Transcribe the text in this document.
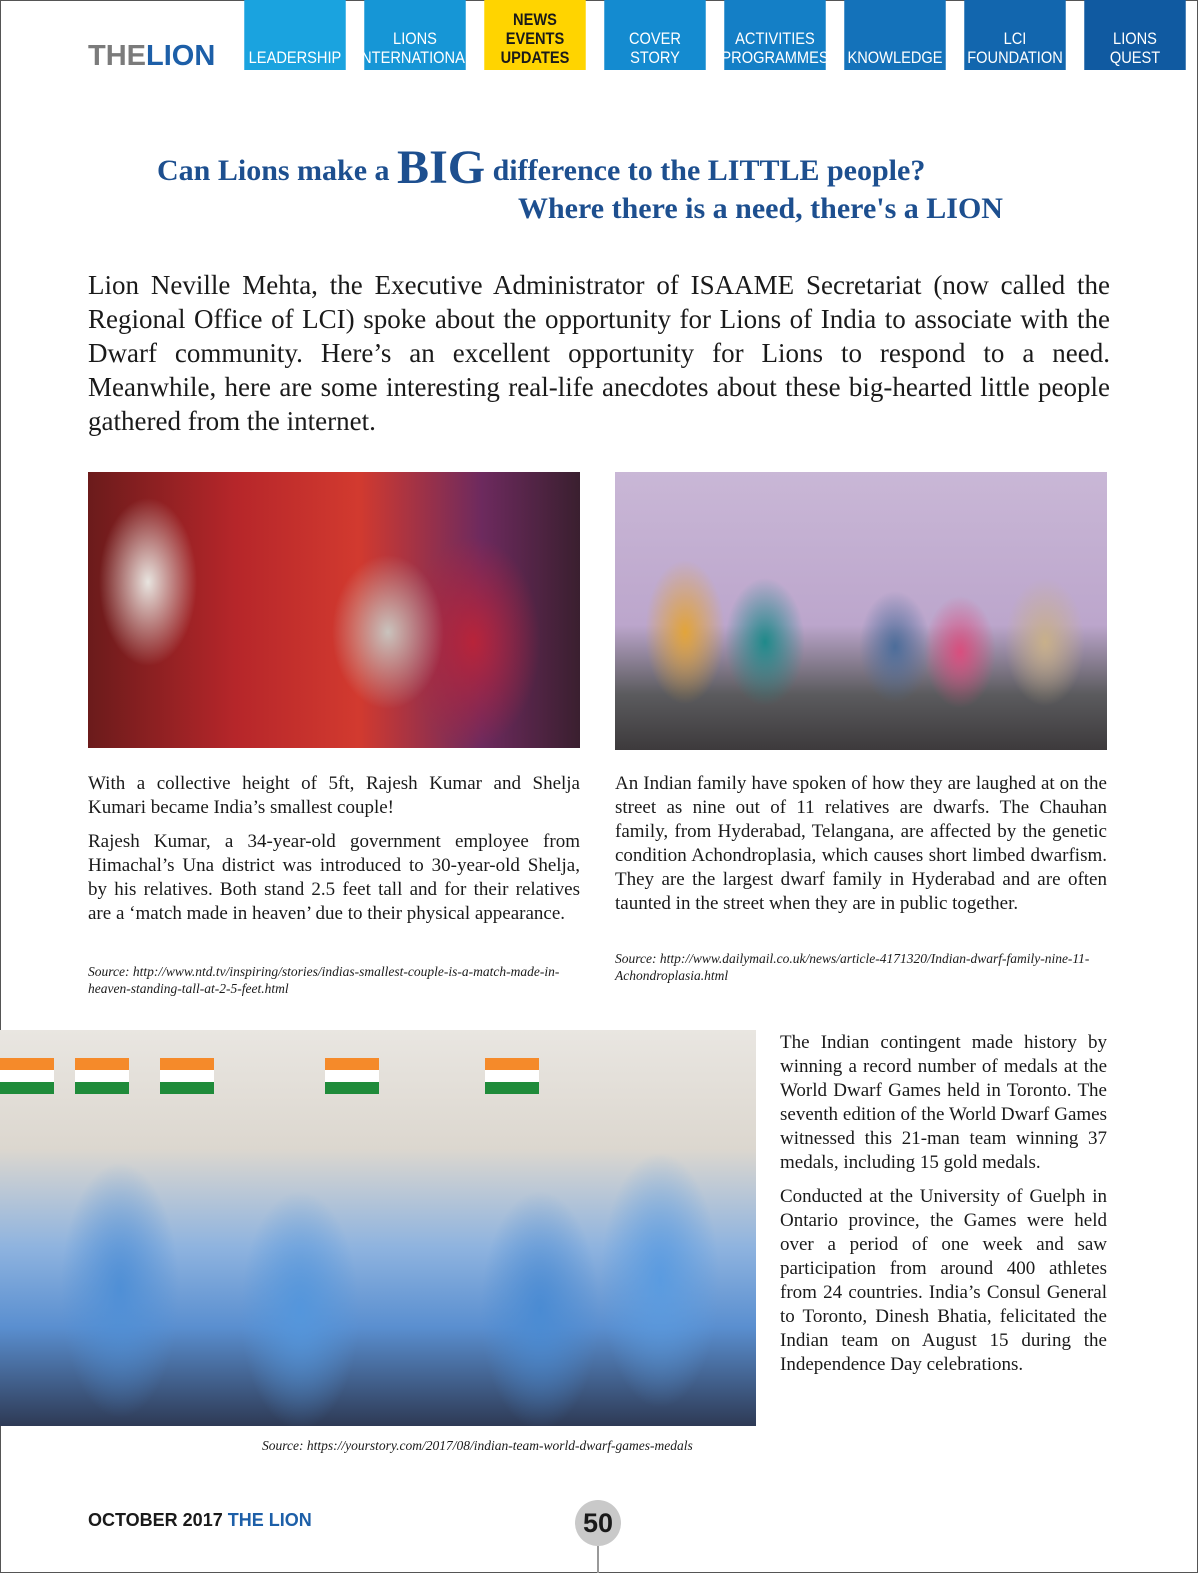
THELION LEADERSHIP
LIONS
INTERNATIONAL
NEWS
EVENTS
UPDATES
COVER STORY
ACTIVITIES
PROGRAMMES KNOWLEDGE
LCI
FOUNDATION
LIONS
QUEST
Can Lions make a BIG difference to the LITTLE people?
Where there is a need, there's a LION
Lion Neville Mehta, the Executive Administrator of ISAAME Secretariat (now called the Regional Office of LCI) spoke about the opportunity for Lions of India to associate with the Dwarf community. Here’s an excellent opportunity for Lions to respond to a need. Meanwhile, here are some interesting real-life anecdotes about these big-hearted little people gathered from the internet.

With a collective height of 5ft, Rajesh Kumar and Shelja Kumari became India’s smallest couple!

Rajesh Kumar, a 34-year-old government employee from Himachal’s Una district was introduced to 30-year-old Shelja, by his relatives. Both stand 2.5 feet tall and for their relatives are a ‘match made in heaven’ due to their physical appearance.

Source: http://www.ntd.tv/inspiring/stories/indias-smallest-couple-is-a-match-made-in-heaven-standing-tall-at-2-5-feet.html

An Indian family have spoken of how they are laughed at on the street as nine out of 11 relatives are dwarfs. The Chauhan family, from Hyderabad, Telangana, are affected by the genetic condition Achondroplasia, which causes short limbed dwarfism. They are the largest dwarf family in Hyderabad and are often taunted in the street when they are in public together.

Source: http://www.dailymail.co.uk/news/article-4171320/Indian-dwarf-family-nine-11-Achondroplasia.html

The Indian contingent made history by winning a record number of medals at the World Dwarf Games held in Toronto. The seventh edition of the World Dwarf Games witnessed this 21-man team winning 37 medals, including 15 gold medals.

Conducted at the University of Guelph in Ontario province, the Games were held over a period of one week and saw participation from around 400 athletes from 24 countries. India’s Consul General to Toronto, Dinesh Bhatia, felicitated the Indian team on August 15 during the Independence Day celebrations.

Source: https://yourstory.com/2017/08/indian-team-world-dwarf-games-medals
OCTOBER 2017 THE LION	50
